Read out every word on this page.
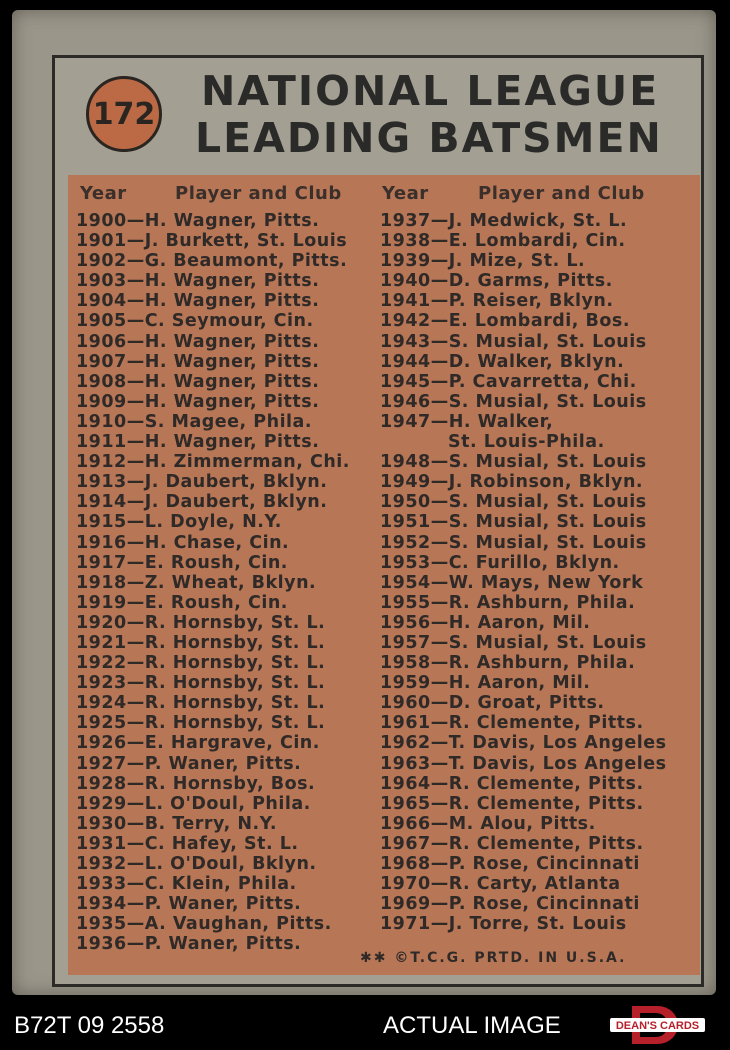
172 NATIONAL LEAGUE
LEADING BATSMEN
Year	Player and Club Year	Player and Club
1900—H. Wagner, Pitts.
1901—J. Burkett, St. Louis
1902—G. Beaumont, Pitts.
1903—H. Wagner, Pitts.
1904—H. Wagner, Pitts.
1905—C. Seymour, Cin.
1906—H. Wagner, Pitts.
1907—H. Wagner, Pitts.
1908—H. Wagner, Pitts.
1909—H. Wagner, Pitts.
1910—S. Magee, Phila.
1911—H. Wagner, Pitts.
1912—H. Zimmerman, Chi.
1913—J. Daubert, Bklyn.
1914—J. Daubert, Bklyn.
1915—L. Doyle, N.Y.
1916—H. Chase, Cin.
1917—E. Roush, Cin.
1918—Z. Wheat, Bklyn.
1919—E. Roush, Cin.
1920—R. Hornsby, St. L.
1921—R. Hornsby, St. L.
1922—R. Hornsby, St. L.
1923—R. Hornsby, St. L.
1924—R. Hornsby, St. L.
1925—R. Hornsby, St. L.
1926—E. Hargrave, Cin.
1927—P. Waner, Pitts.
1928—R. Hornsby, Bos.
1929—L. O'Doul, Phila.
1930—B. Terry, N.Y.
1931—C. Hafey, St. L.
1932—L. O'Doul, Bklyn.
1933—C. Klein, Phila.
1934—P. Waner, Pitts.
1935—A. Vaughan, Pitts.
1936—P. Waner, Pitts.
1937—J. Medwick, St. L.
1938—E. Lombardi, Cin.
1939—J. Mize, St. L.
1940—D. Garms, Pitts.
1941—P. Reiser, Bklyn.
1942—E. Lombardi, Bos.
1943—S. Musial, St. Louis
1944—D. Walker, Bklyn.
1945—P. Cavarretta, Chi.
1946—S. Musial, St. Louis
1947—H. Walker,
St. Louis-Phila.
1948—S. Musial, St. Louis
1949—J. Robinson, Bklyn.
1950—S. Musial, St. Louis
1951—S. Musial, St. Louis
1952—S. Musial, St. Louis
1953—C. Furillo, Bklyn.
1954—W. Mays, New York
1955—R. Ashburn, Phila.
1956—H. Aaron, Mil.
1957—S. Musial, St. Louis
1958—R. Ashburn, Phila.
1959—H. Aaron, Mil.
1960—D. Groat, Pitts.
1961—R. Clemente, Pitts.
1962—T. Davis, Los Angeles
1963—T. Davis, Los Angeles
1964—R. Clemente, Pitts.
1965—R. Clemente, Pitts.
1966—M. Alou, Pitts.
1967—R. Clemente, Pitts.
1968—P. Rose, Cincinnati
1970—R. Carty, Atlanta
1969—P. Rose, Cincinnati
1971—J. Torre, St. Louis
✱✱ ©T.C.G. PRTD. IN U.S.A.
B72T 09 2558	ACTUAL IMAGE	DEAN'S CARDS
